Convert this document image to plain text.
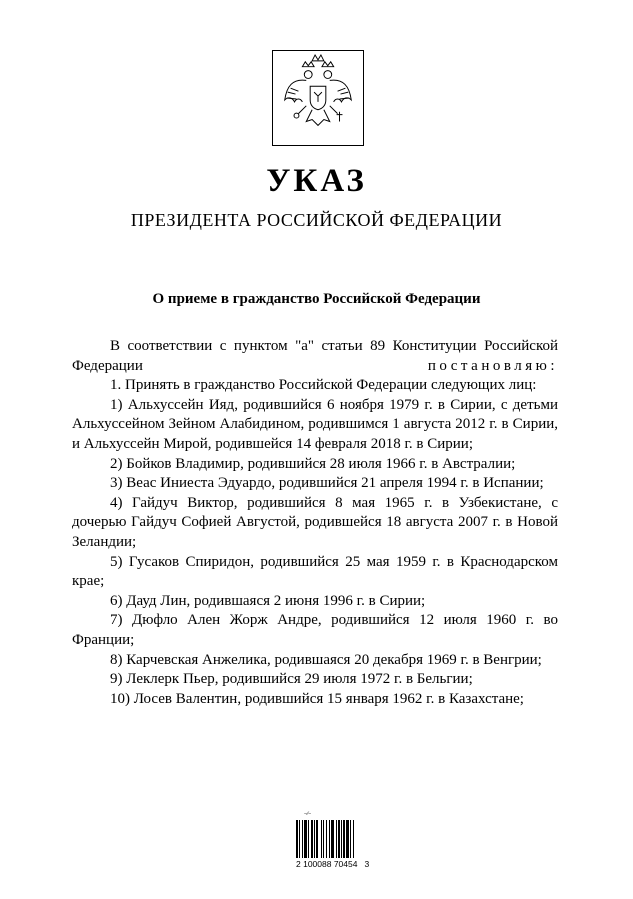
УКАЗ
ПРЕЗИДЕНТА РОССИЙСКОЙ ФЕДЕРАЦИИ
О приеме в гражданство Российской Федерации

В соответствии с пунктом "а" статьи 89 Конституции Российской Федерации	постановляю:

1. Принять в гражданство Российской Федерации следующих лиц:

1) Альхуссейн Ияд, родившийся 6 ноября 1979 г. в Сирии, с детьми Альхуссейном Зейном Алабидином, родившимся 1 августа 2012 г. в Сирии, и Альхуссейн Мирой, родившейся 14 февраля 2018 г. в Сирии;

2) Бойков Владимир, родившийся 28 июля 1966 г. в Австралии;

3) Веас Иниеста Эдуардо, родившийся 21 апреля 1994 г. в Испании;

4) Гайдуч Виктор, родившийся 8 мая 1965 г. в Узбекистане, с дочерью Гайдуч Софией Августой, родившейся 18 августа 2007 г. в Новой Зеландии;

5) Гусаков Спиридон, родившийся 25 мая 1959 г. в Краснодарском крае;

6) Дауд Лин, родившаяся 2 июня 1996 г. в Сирии;

7) Дюфло Ален Жорж Андре, родившийся 12 июля 1960 г. во Франции;

8) Карчевская Анжелика, родившаяся 20 декабря 1969 г. в Венгрии;

9) Леклерк Пьер, родившийся 29 июля 1972 г. в Бельгии;

10) Лосев Валентин, родившийся 15 января 1962 г. в Казахстане;

~⁄⁄~
2 100088 70454   3
